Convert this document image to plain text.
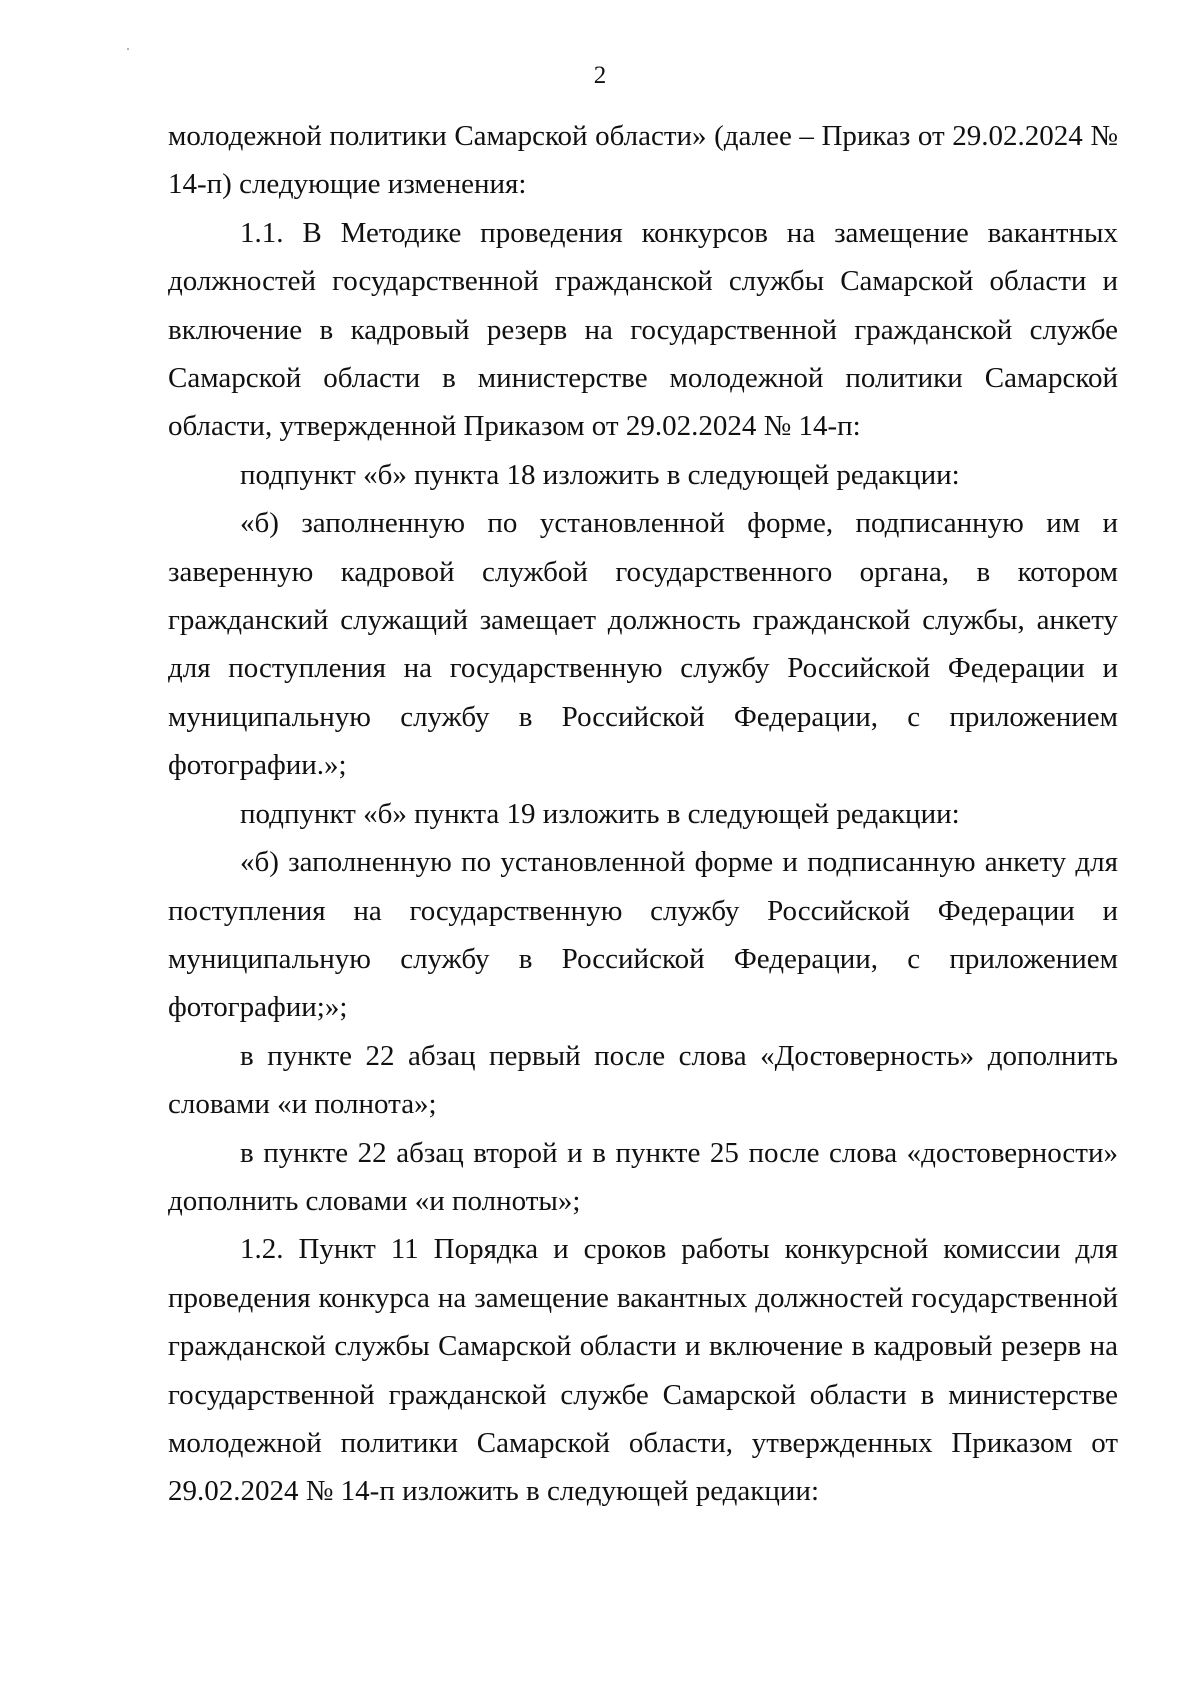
2

молодежной политики Самарской области» (далее – Приказ от 29.02.2024 № 14-п) следующие изменения:

1.1. В Методике проведения конкурсов на замещение вакантных должностей государственной гражданской службы Самарской области и включение в кадровый резерв на государственной гражданской службе Самарской области в министерстве молодежной политики Самарской области, утвержденной Приказом от 29.02.2024 № 14-п:

подпункт «б» пункта 18 изложить в следующей редакции:

«б) заполненную по установленной форме, подписанную им и заверенную кадровой службой государственного органа, в котором гражданский служащий замещает должность гражданской службы, анкету для поступления на государственную службу Российской Федерации и муниципальную службу в Российской Федерации, с приложением фотографии.»;

подпункт «б» пункта 19 изложить в следующей редакции:

«б) заполненную по установленной форме и подписанную анкету для поступления на государственную службу Российской Федерации и муниципальную службу в Российской Федерации, с приложением фотографии;»;

в пункте 22 абзац первый после слова «Достоверность» дополнить словами «и полнота»;

в пункте 22 абзац второй и в пункте 25 после слова «достоверности» дополнить словами «и полноты»;

1.2. Пункт 11 Порядка и сроков работы конкурсной комиссии для проведения конкурса на замещение вакантных должностей государственной гражданской службы Самарской области и включение в кадровый резерв на государственной гражданской службе Самарской области в министерстве молодежной политики Самарской области, утвержденных Приказом от 29.02.2024 № 14-п изложить в следующей редакции:
